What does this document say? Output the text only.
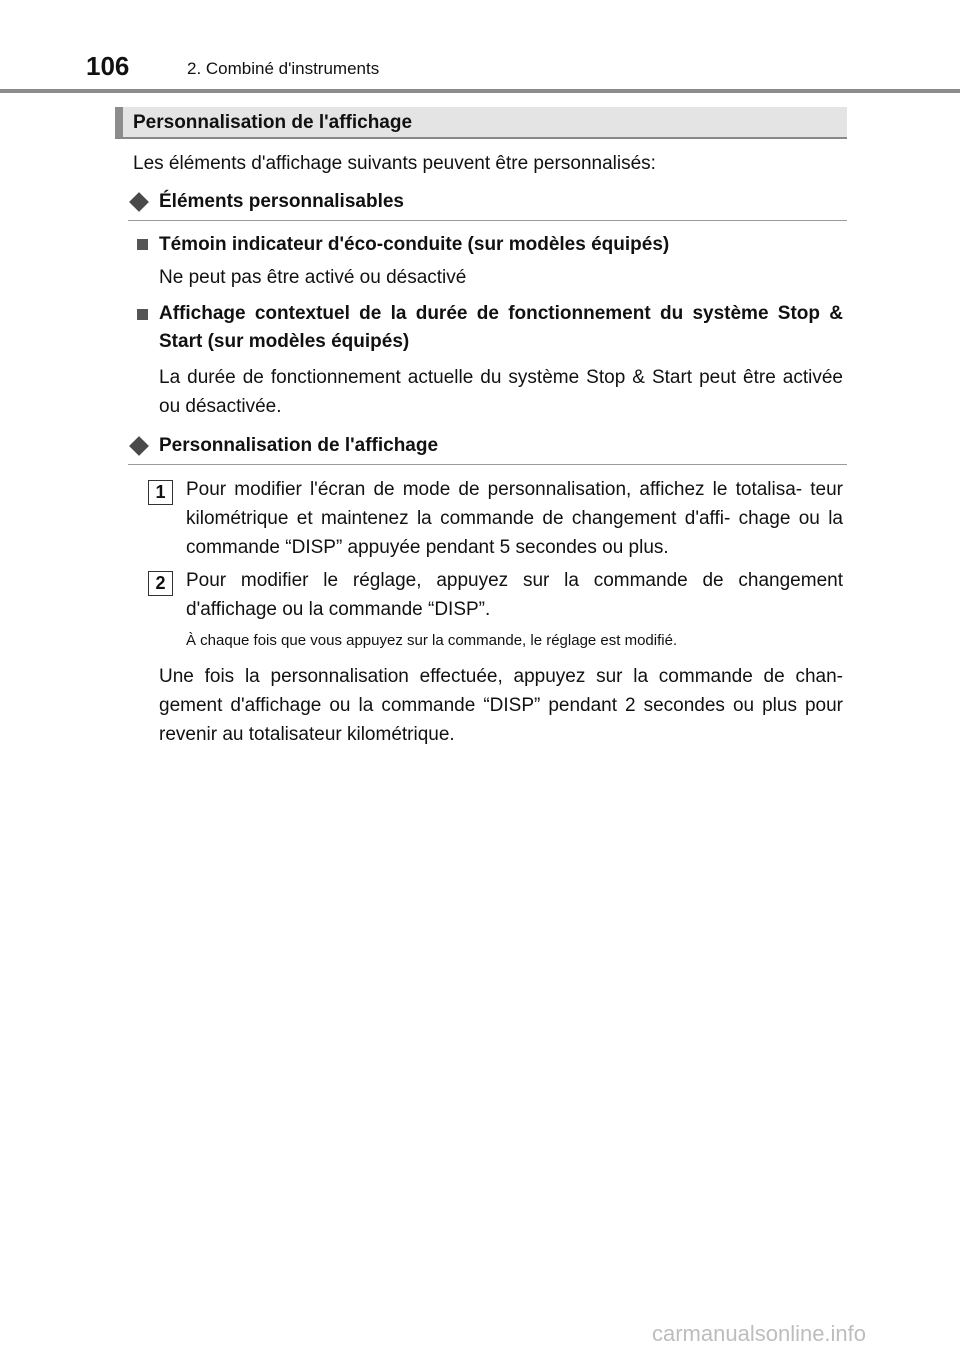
106	2. Combiné d'instruments
Personnalisation de l'affichage
Les éléments d'affichage suivants peuvent être personnalisés:
Éléments personnalisables
Témoin indicateur d'éco-conduite (sur modèles équipés)
Ne peut pas être activé ou désactivé
Affichage contextuel de la durée de fonctionnement du système Stop & Start (sur modèles équipés)
La durée de fonctionnement actuelle du système Stop & Start peut être activée ou désactivée.
Personnalisation de l'affichage
1	Pour modifier l'écran de mode de personnalisation, affichez le totalisa- teur kilométrique et maintenez la commande de changement d'affi- chage ou la commande “DISP” appuyée pendant 5 secondes ou plus.
2	Pour modifier le réglage, appuyez sur la commande de changement d'affichage ou la commande “DISP”.
À chaque fois que vous appuyez sur la commande, le réglage est modifié.
Une fois la personnalisation effectuée, appuyez sur la commande de chan- gement d'affichage ou la commande “DISP” pendant 2 secondes ou plus pour revenir au totalisateur kilométrique.
carmanualsonline.info
